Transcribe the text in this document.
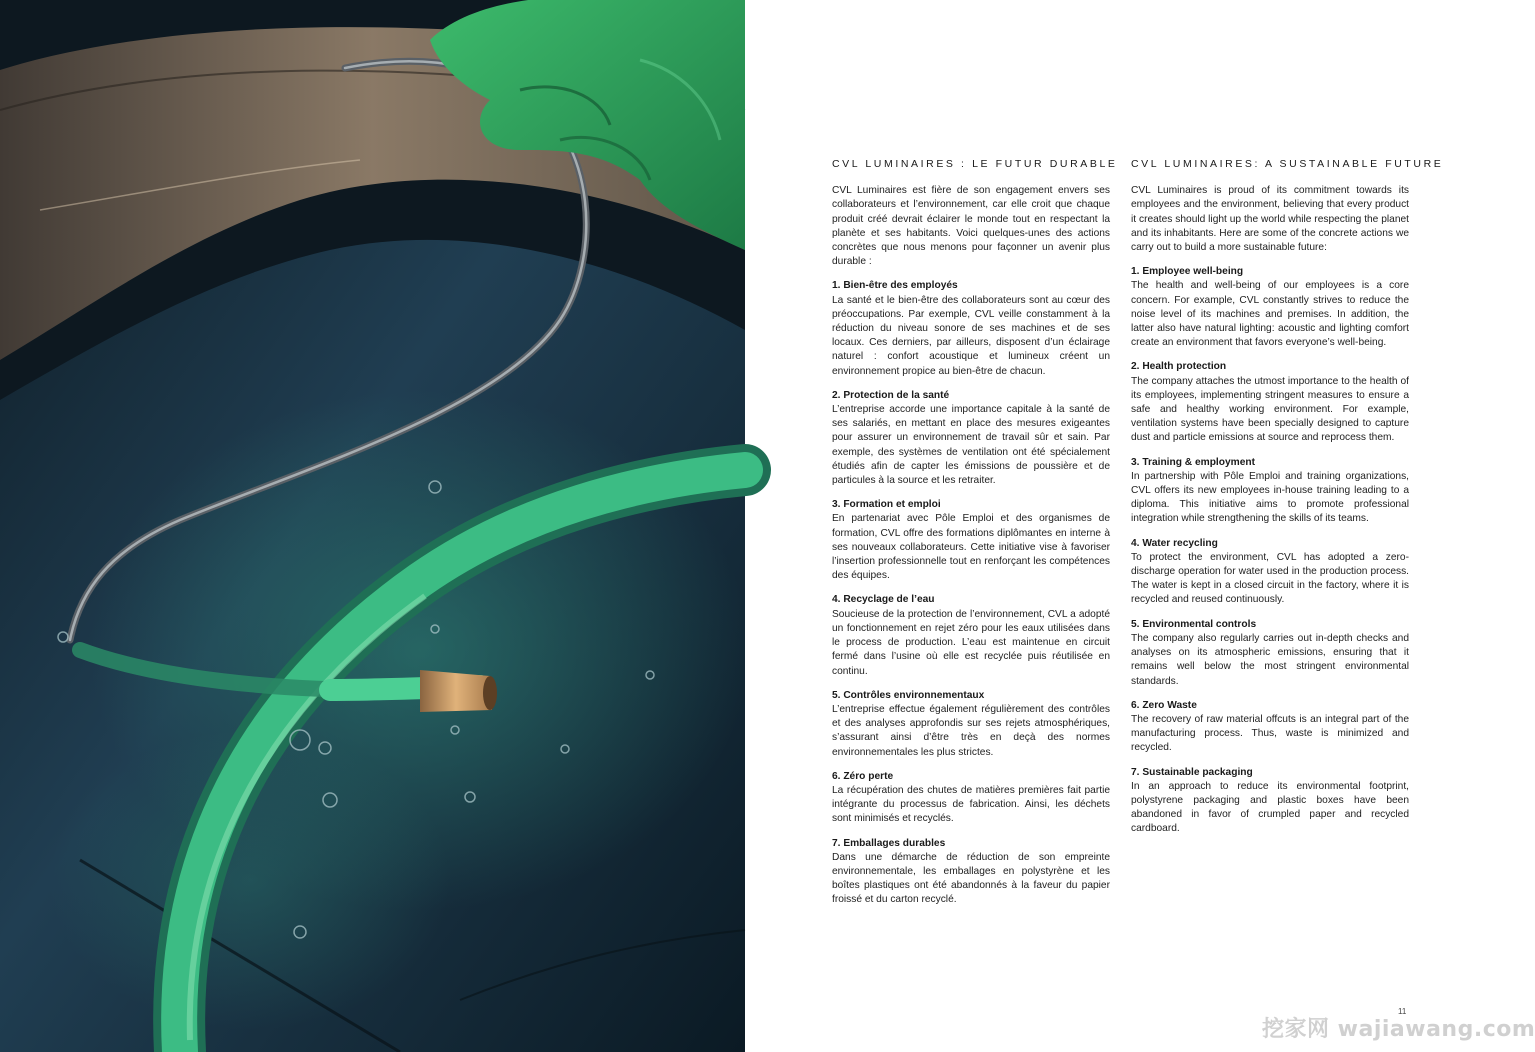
CVL LUMINAIRES : LE FUTUR DURABLE
CVL Luminaires est fière de son engagement envers ses collaborateurs et l’environnement, car elle croit que chaque produit créé devrait éclairer le monde tout en respectant la planète et ses habitants. Voici quelques-unes des actions concrètes que nous menons pour façonner un avenir plus durable :
1. Bien-être des employés
La santé et le bien-être des collaborateurs sont au cœur des préoccupations. Par exemple, CVL veille constamment à la réduction du niveau sonore de ses machines et de ses locaux. Ces derniers, par ailleurs, disposent d’un éclairage naturel : confort acoustique et lumineux créent un environnement propice au bien-être de chacun.
2. Protection de la santé
L’entreprise accorde une importance capitale à la santé de ses salariés, en mettant en place des mesures exigeantes pour assurer un environnement de travail sûr et sain. Par exemple, des systèmes de ventilation ont été spécialement étudiés afin de capter les émissions de poussière et de particules à la source et les retraiter.
3. Formation et emploi
En partenariat avec Pôle Emploi et des organismes de formation, CVL offre des formations diplômantes en interne à ses nouveaux collaborateurs. Cette initiative vise à favoriser l’insertion professionnelle tout en renforçant les compétences des équipes.
4. Recyclage de l’eau
Soucieuse de la protection de l’environnement, CVL a adopté un fonctionnement en rejet zéro pour les eaux utilisées dans le process de production. L’eau est maintenue en circuit fermé dans l’usine où elle est recyclée puis réutilisée en continu.
5. Contrôles environnementaux
L’entreprise effectue également régulièrement des contrôles et des analyses approfondis sur ses rejets atmosphériques, s’assurant ainsi d’être très en deçà des normes environnementales les plus strictes.
6. Zéro perte
La récupération des chutes de matières premières fait partie intégrante du processus de fabrication. Ainsi, les déchets sont minimisés et recyclés.
7. Emballages durables
Dans une démarche de réduction de son empreinte environnementale, les emballages en polystyrène et les boîtes plastiques ont été abandonnés à la faveur du papier froissé et du carton recyclé.
CVL LUMINAIRES: A SUSTAINABLE FUTURE
CVL Luminaires is proud of its commitment towards its employees and the environment, believing that every product it creates should light up the world while respecting the planet and its inhabitants. Here are some of the concrete actions we carry out to build a more sustainable future:
1. Employee well-being
The health and well-being of our employees is a core concern. For example, CVL constantly strives to reduce the noise level of its machines and premises. In addition, the latter also have natural lighting: acoustic and lighting comfort create an environment that favors everyone’s well-being.
2. Health protection
The company attaches the utmost importance to the health of its employees, implementing stringent measures to ensure a safe and healthy working environment. For example, ventilation systems have been specially designed to capture dust and particle emissions at source and reprocess them.
3. Training & employment
In partnership with Pôle Emploi and training organizations, CVL offers its new employees in-house training leading to a diploma. This initiative aims to promote professional integration while strengthening the skills of its teams.
4. Water recycling
To protect the environment, CVL has adopted a zero-discharge operation for water used in the production process. The water is kept in a closed circuit in the factory, where it is recycled and reused continuously.
5. Environmental controls
The company also regularly carries out in-depth checks and analyses on its atmospheric emissions, ensuring that it remains well below the most stringent environmental standards.
6. Zero Waste
The recovery of raw material offcuts is an integral part of the manufacturing process. Thus, waste is minimized and recycled.
7. Sustainable packaging
In an approach to reduce its environmental footprint, polystyrene packaging and plastic boxes have been abandoned in favor of crumpled paper and recycled cardboard.
11
挖家网 wajiawang.com
